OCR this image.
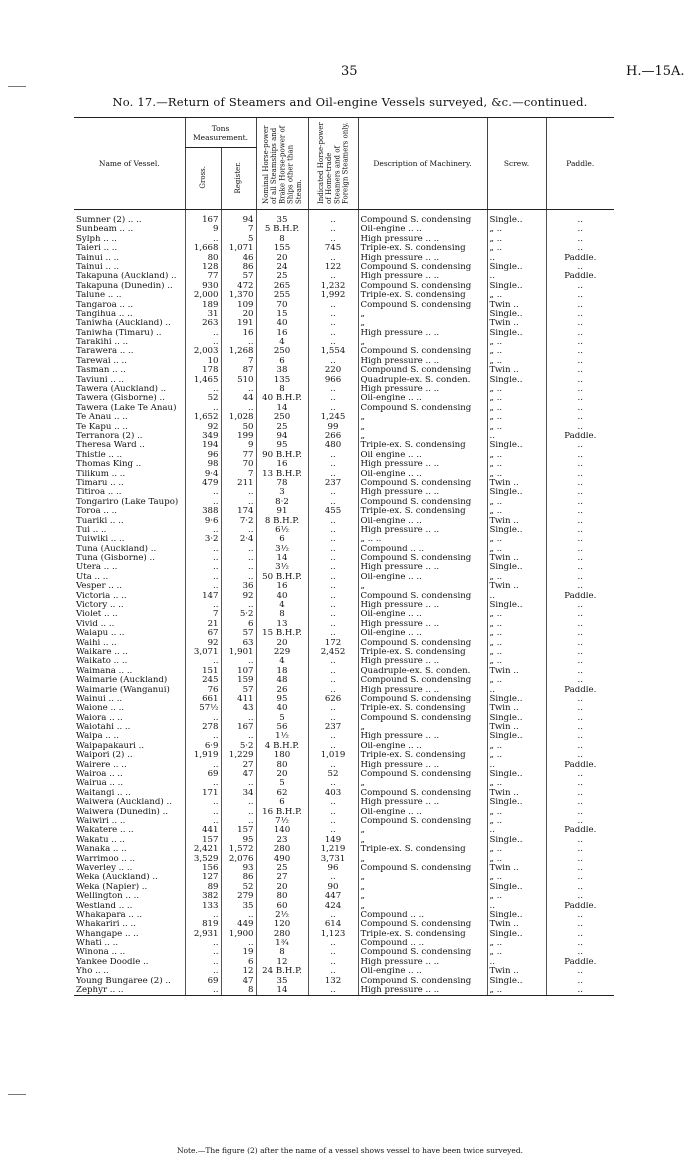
35	H.—15A.
No. 17.—Return of Steamers and Oil-engine Vessels surveyed, &c.—continued.
Name of Vessel.	Tons Measurement.		Nominal Horse-power of all Steamships and Brake Horse-power of Ships other than Steam.	Indicated Horse-power of Home-trade Steamers and of Foreign Steamers only.	Description of Machinery.	Screw.	Paddle.
	Gross.	Register.					
Sumner (2) .. ..	167	94	35	..	Compound S. condensing	Single..	..
Sunbeam .. ..	9	7	5 B.H.P.	..	Oil-engine .. ..	„ ..	..
Sylph .. ..	..	5	8	..	High pressure .. ..	„ ..	..
Taieri .. ..	1,668	1,071	155	745	Triple-ex. S. condensing	„ ..	..
Tainui .. ..	80	46	20	..	High pressure .. ..	..	Paddle.
Tainui .. ..	128	86	24	122	Compound S. condensing	Single..	..
Takapuna (Auckland) ..	77	57	25	..	High pressure .. ..	..	Paddle.
Takapuna (Dunedin) ..	930	472	265	1,232	Compound S. condensing	Single..	..
Talune .. ..	2,000	1,370	255	1,992	Triple-ex. S. condensing	„ ..	..
Tangaroa .. ..	189	109	70	..	Compound S. condensing	Twin ..	..
Tangihua .. ..	31	20	15	..	„	Single..	..
Taniwha (Auckland) ..	263	191	40	..	„	Twin ..	..
Taniwha (Timaru) ..	..	16	16	..	High pressure .. ..	Single..	..
Tarakihi .. ..	..	..	4	..	„	„ ..	..
Tarawera .. ..	2,003	1,268	250	1,554	Compound S. condensing	„ ..	..
Tarewai .. ..	10	7	6	..	High pressure .. ..	„ ..	..
Tasman .. ..	178	87	38	220	Compound S. condensing	Twin ..	..
Taviuni .. ..	1,465	510	135	966	Quadruple-ex. S. conden.	Single..	..
Tawera (Auckland) ..	..	..	8	..	High pressure .. ..	„ ..	..
Tawera (Gisborne) ..	52	44	40 B.H.P.	..	Oil-engine .. ..	„ ..	..
Tawera (Lake Te Anau)	..	..	14	..	Compound S. condensing	„ ..	..
Te Anau .. ..	1,652	1,028	250	1,245	„	„ ..	..
Te Kapu .. ..	92	50	25	99	„	„ ..	..
Terranora (2) ..	349	199	94	266	„	..	Paddle.
Theresa Ward ..	194	9	95	480	Triple-ex. S. condensing	Single..	..
Thistle .. ..	96	77	90 B.H.P.	..	Oil engine .. ..	„ ..	..
Thomas King ..	98	70	16	..	High pressure .. ..	„ ..	..
Tilikum .. ..	9·4	7	13 B.H.P.	..	Oil-engine .. ..	„ ..	..
Timaru .. ..	479	211	78	237	Compound S. condensing	Twin ..	..
Titiroa .. ..	..	..	3	..	High pressure .. ..	Single..	..
Tongariro (Lake Taupo)	..	..	8·2	..	Compound S. condensing	„ ..	..
Toroa .. ..	388	174	91	455	Triple-ex. S. condensing	„ ..	..
Tuariki .. ..	9·6	7·2	8 B.H.P.	..	Oil-engine .. ..	Twin ..	..
Tui .. ..	..	..	6½	..	High pressure .. ..	Single..	..
Tuiwiki .. ..	3·2	2·4	6	..	„ .. ..	„ ..	..
Tuna (Auckland) ..	..	..	3½	..	Compound .. ..	„ ..	..
Tuna (Gisborne) ..	..	..	14	..	Compound S. condensing	Twin ..	..
Utera .. ..	..	..	3½	..	High pressure .. ..	Single..	..
Uta .. ..	..	..	50 B.H.P.	..	Oil-engine .. ..	„ ..	..
Vesper .. ..	..	36	16	..	„	Twin ..	..
Victoria .. ..	147	92	40	..	Compound S. condensing	..	Paddle.
Victory .. ..	..	..	4	..	High pressure .. ..	Single..	..
Violet .. ..	7	5·2	8	..	Oil-engine .. ..	„ ..	..
Vivid .. ..	21	6	13	..	High pressure .. ..	„ ..	..
Waiapu .. ..	67	57	15 B.H.P.	..	Oil-engine .. ..	„ ..	..
Waihi .. ..	92	63	20	172	Compound S. condensing	„ ..	..
Waikare .. ..	3,071	1,901	229	2,452	Triple-ex. S. condensing	„ ..	..
Waikato .. ..	..	..	4	..	High pressure .. ..	„ ..	..
Waimana .. ..	151	107	18	..	Quadruple-ex. S. conden.	Twin ..	..
Waimarie (Auckland)	245	159	48	..	Compound S. condensing	„ ..	..
Waimarie (Wanganui)	76	57	26	..	High pressure .. ..	..	Paddle.
Wainui .. ..	661	411	95	626	Compound S. condensing	Single..	..
Waione .. ..	57½	43	40	..	Triple-ex. S. condensing	Twin ..	..
Waiora .. ..	..	..	5	..	Compound S. condensing	Single..	..
Waiotahi .. ..	278	167	56	237	„	Twin ..	..
Waipa .. ..	..	..	1½	..	High pressure .. ..	Single..	..
Waipapakauri ..	6·9	5·2	4 B.H.P.	..	Oil-engine .. ..	„ ..	..
Waipori (2) ..	1,919	1,229	180	1,019	Triple-ex. S. condensing	„ ..	..
Wairere .. ..	..	27	80	..	High pressure .. ..	..	Paddle.
Wairoa .. ..	69	47	20	52	Compound S. condensing	Single..	..
Wairua .. ..	..	..	5	..	„	„ ..	..
Waitangi .. ..	171	34	62	403	Compound S. condensing	Twin ..	..
Waiwera (Auckland) ..	..	..	6	..	High pressure .. ..	Single..	..
Waiwera (Dunedin) ..	..	..	16 B.H.P.	..	Oil-engine .. ..	„ ..	..
Waiwiri .. ..	..	..	7½	..	Compound S. condensing	„ ..	..
Wakatere .. ..	441	157	140	..	„	..	Paddle.
Wakatu .. ..	157	95	23	149	„	Single..	..
Wanaka .. ..	2,421	1,572	280	1,219	Triple-ex. S. condensing	„ ..	..
Warrimoo .. ..	3,529	2,076	490	3,731	„	„ ..	..
Waverley .. ..	156	93	25	96	Compound S. condensing	Twin ..	..
Weka (Auckland) ..	127	86	27	..	„	„ ..	..
Weka (Napier) ..	89	52	20	90	„	Single..	..
Wellington .. ..	382	279	80	447	„	„ ..	..
Westland .. ..	133	35	60	424	„	..	Paddle.
Whakapara .. ..	..	..	2½	..	Compound .. ..	Single..	..
Whakariri .. ..	819	449	120	614	Compound S. condensing	Twin ..	..
Whangape .. ..	2,931	1,900	280	1,123	Triple-ex. S. condensing	Single..	..
Whati .. ..	..	..	1¾	..	Compound .. ..	„ ..	..
Winona .. ..	..	19	8	..	Compound S. condensing	„ ..	..
Yankee Doodle ..	..	6	12	..	High pressure .. ..	..	Paddle.
Yho .. ..	..	12	24 B.H.P.	..	Oil-engine .. ..	Twin ..	..
Young Bungaree (2) ..	69	47	35	132	Compound S. condensing	Single..	..
Zephyr .. ..	..	8	14	..	High pressure .. ..	„ ..	..
Note.—The figure (2) after the name of a vessel shows vessel to have been twice surveyed.
